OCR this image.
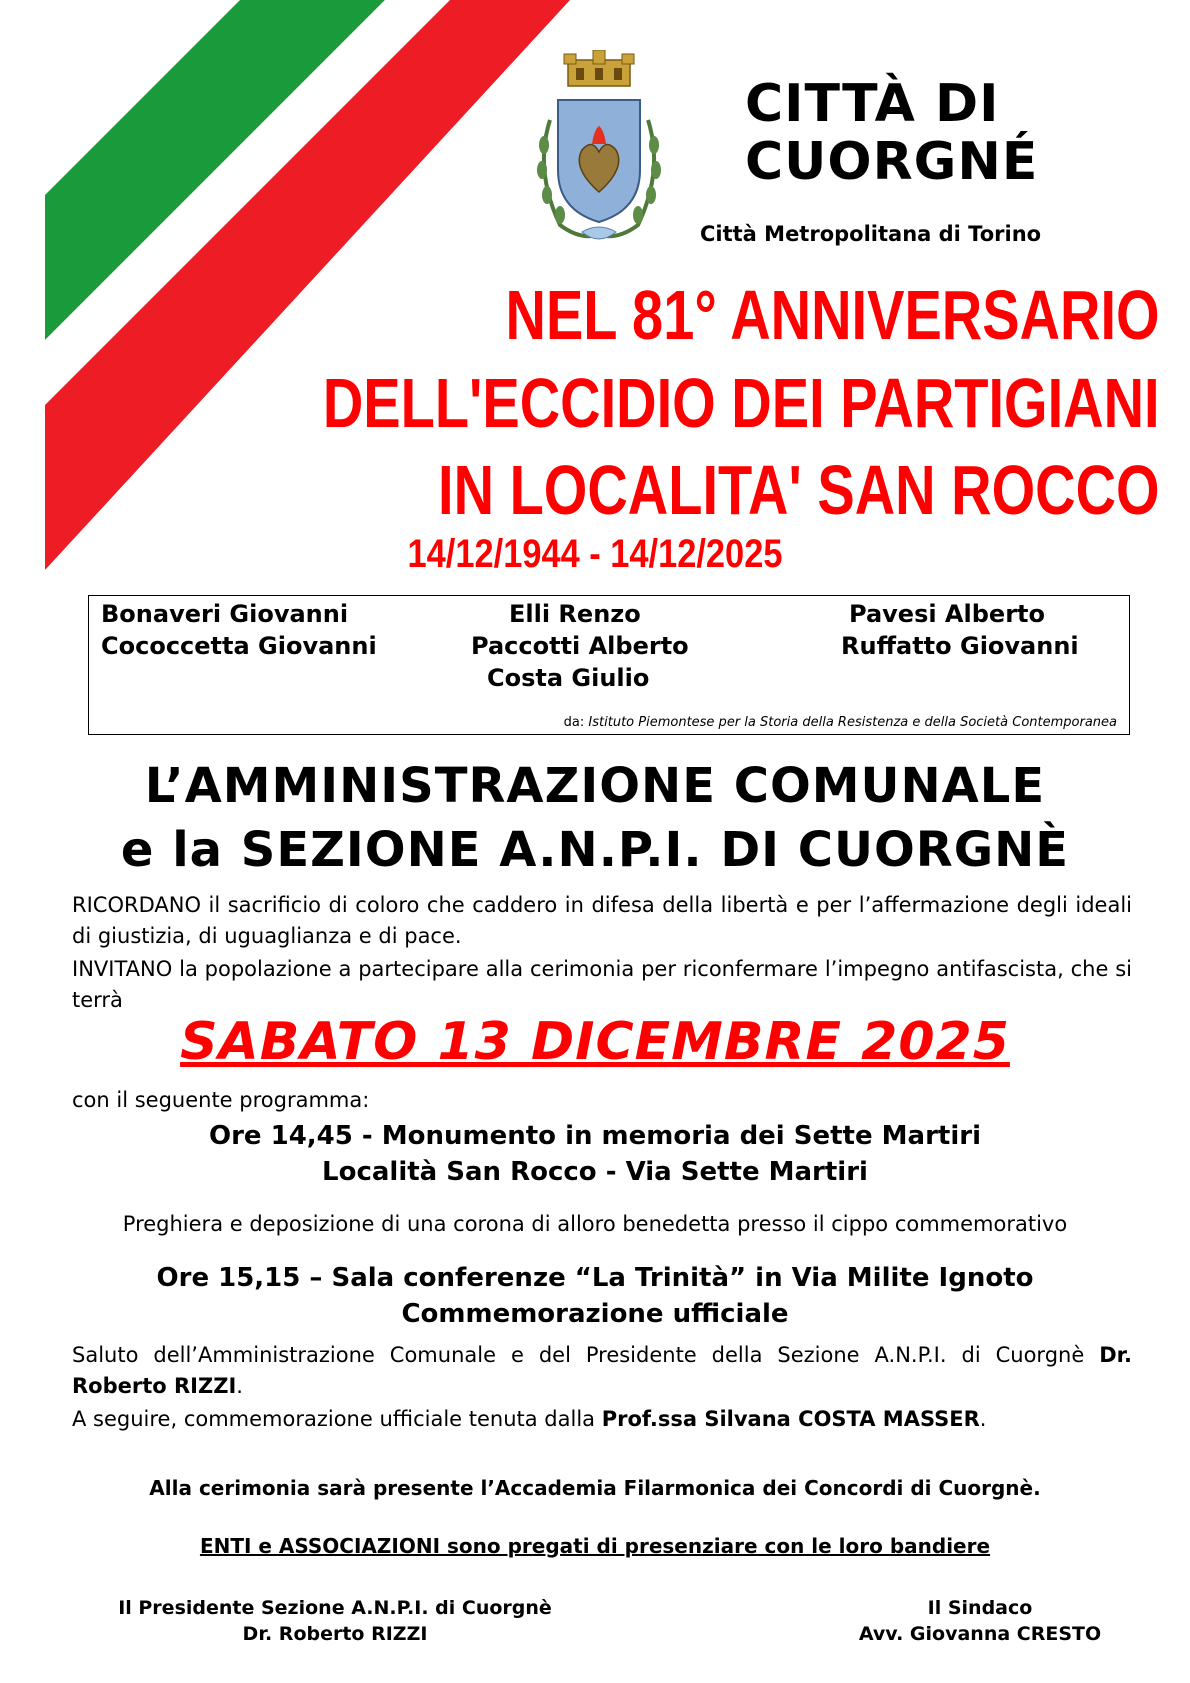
CITTÀ DI
CUORGNÉ
Città Metropolitana di Torino
NEL 81° ANNIVERSARIO
DELL'ECCIDIO DEI PARTIGIANI
IN LOCALITA' SAN ROCCO
14/12/1944 - 14/12/2025
Bonaveri Giovanni
Cococcetta Giovanni
Elli Renzo
Paccotti Alberto
Costa Giulio
Pavesi Alberto
Ruffatto Giovanni
da: Istituto Piemontese per la Storia della Resistenza e della Società Contemporanea
L’AMMINISTRAZIONE COMUNALE
e la SEZIONE A.N.P.I. DI CUORGNÈ
RICORDANO il sacrificio di coloro che caddero in difesa della libertà e per l’affermazione degli ideali di giustizia, di uguaglianza e di pace.
INVITANO la popolazione a partecipare alla cerimonia per riconfermare l’impegno antifascista, che si terrà
SABATO 13 DICEMBRE 2025
con il seguente programma:
Ore 14,45 - Monumento in memoria dei Sette Martiri
Località San Rocco - Via Sette Martiri
Preghiera e deposizione di una corona di alloro benedetta presso il cippo commemorativo
Ore 15,15 – Sala conferenze “La Trinità” in Via Milite Ignoto
Commemorazione ufficiale
Saluto dell’Amministrazione Comunale e del Presidente della Sezione A.N.P.I. di Cuorgnè Dr. Roberto RIZZI.
A seguire, commemorazione ufficiale tenuta dalla Prof.ssa Silvana COSTA MASSER.
Alla cerimonia sarà presente l’Accademia Filarmonica dei Concordi di Cuorgnè.
ENTI e ASSOCIAZIONI sono pregati di presenziare con le loro bandiere
Il Presidente Sezione A.N.P.I. di Cuorgnè
Dr. Roberto RIZZI
Il Sindaco
Avv. Giovanna CRESTO
